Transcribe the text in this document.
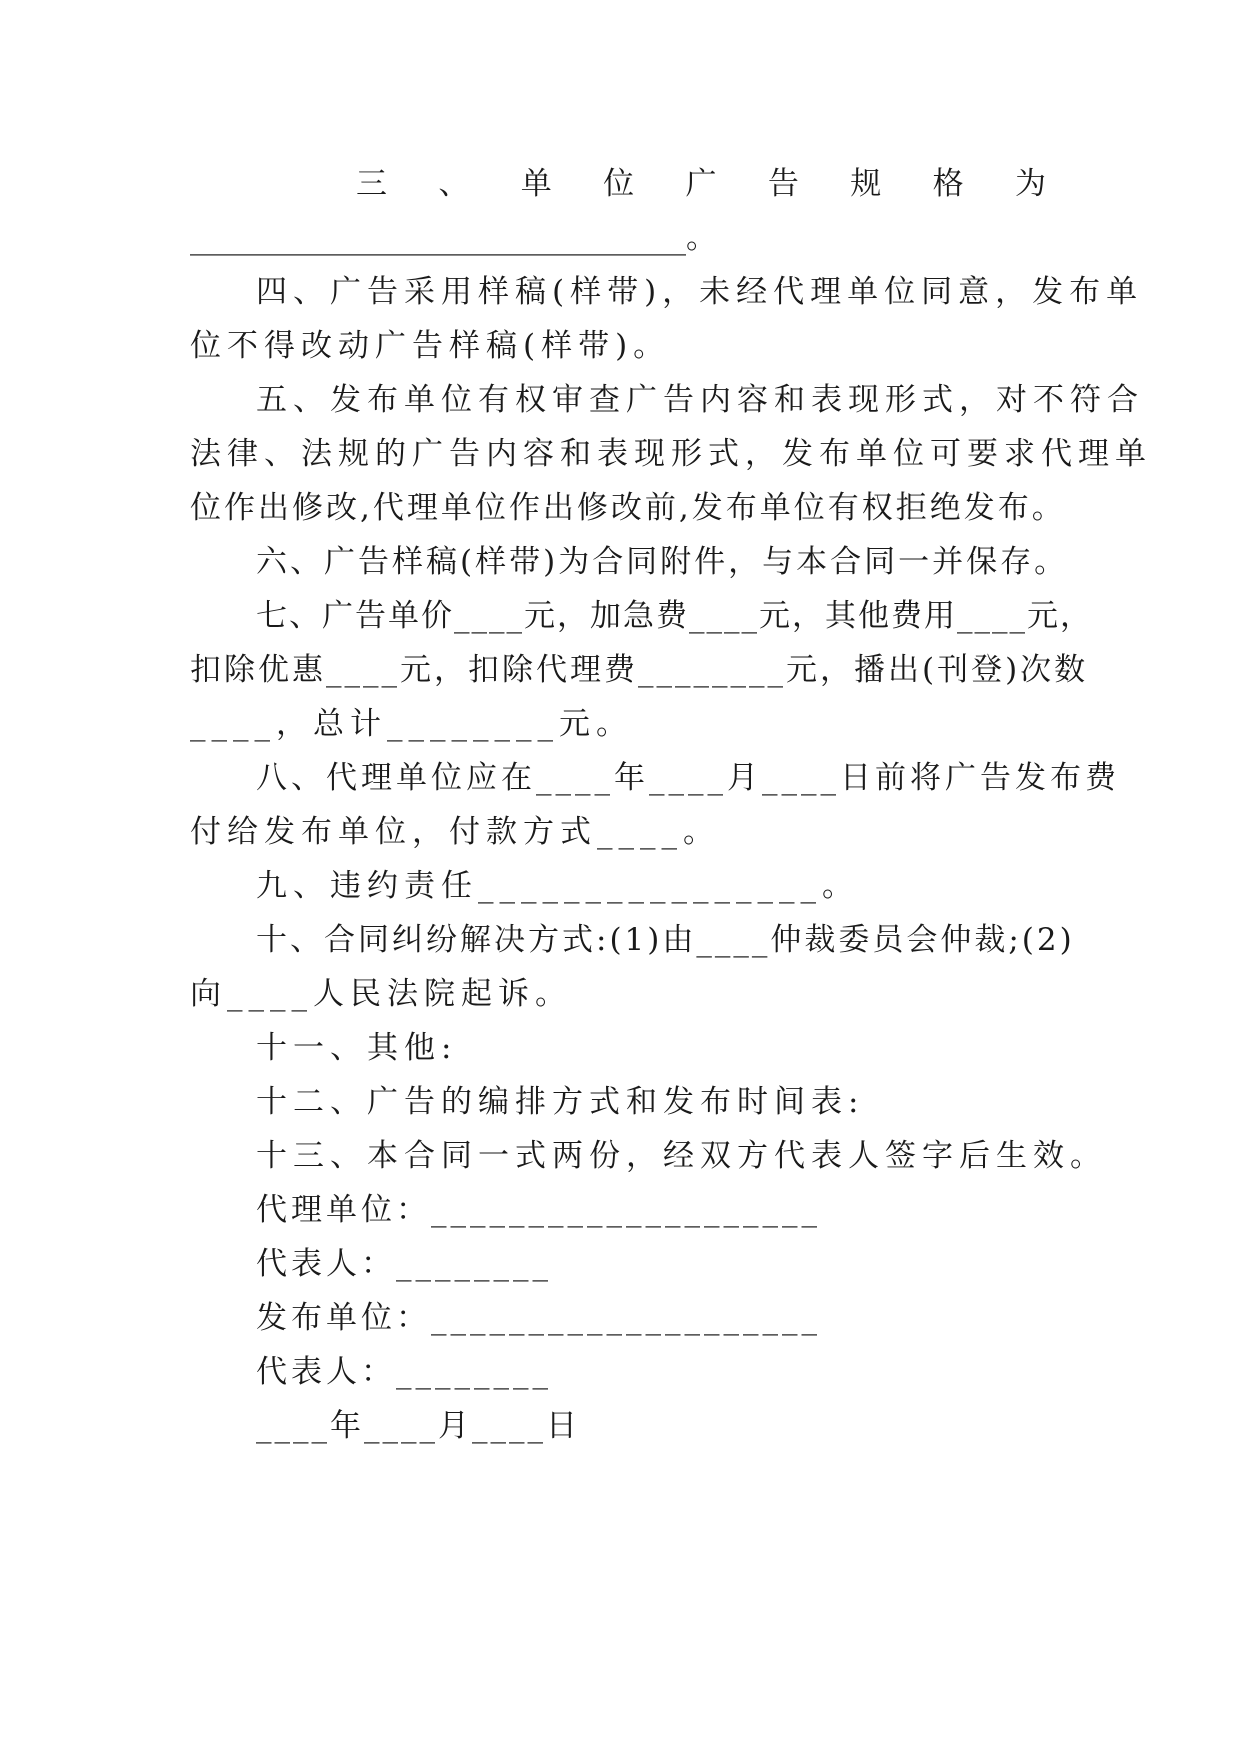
三 、 单 位 广 告 规 格 为
________________________________。
四、广告采用样稿(样带)，未经代理单位同意，发布单
位不得改动广告样稿(样带)。
五、发布单位有权审查广告内容和表现形式，对不符合
法律、法规的广告内容和表现形式，发布单位可要求代理单
位作出修改,代理单位作出修改前,发布单位有权拒绝发布。
六、广告样稿(样带)为合同附件，与本合同一并保存。
七、广告单价____元，加急费____元，其他费用____元，
扣除优惠____元，扣除代理费________元，播出(刊登)次数
____，总计________元。
八、代理单位应在____年____月____日前将广告发布费
付给发布单位，付款方式____。
九、违约责任________________。
十、合同纠纷解决方式:(1)由____仲裁委员会仲裁;(2)
向____人民法院起诉。
十一、其他:
十二、广告的编排方式和发布时间表:
十三、本合同一式两份，经双方代表人签字后生效。
代理单位：____________________
代表人：________
发布单位：____________________
代表人：________
____年____月____日
